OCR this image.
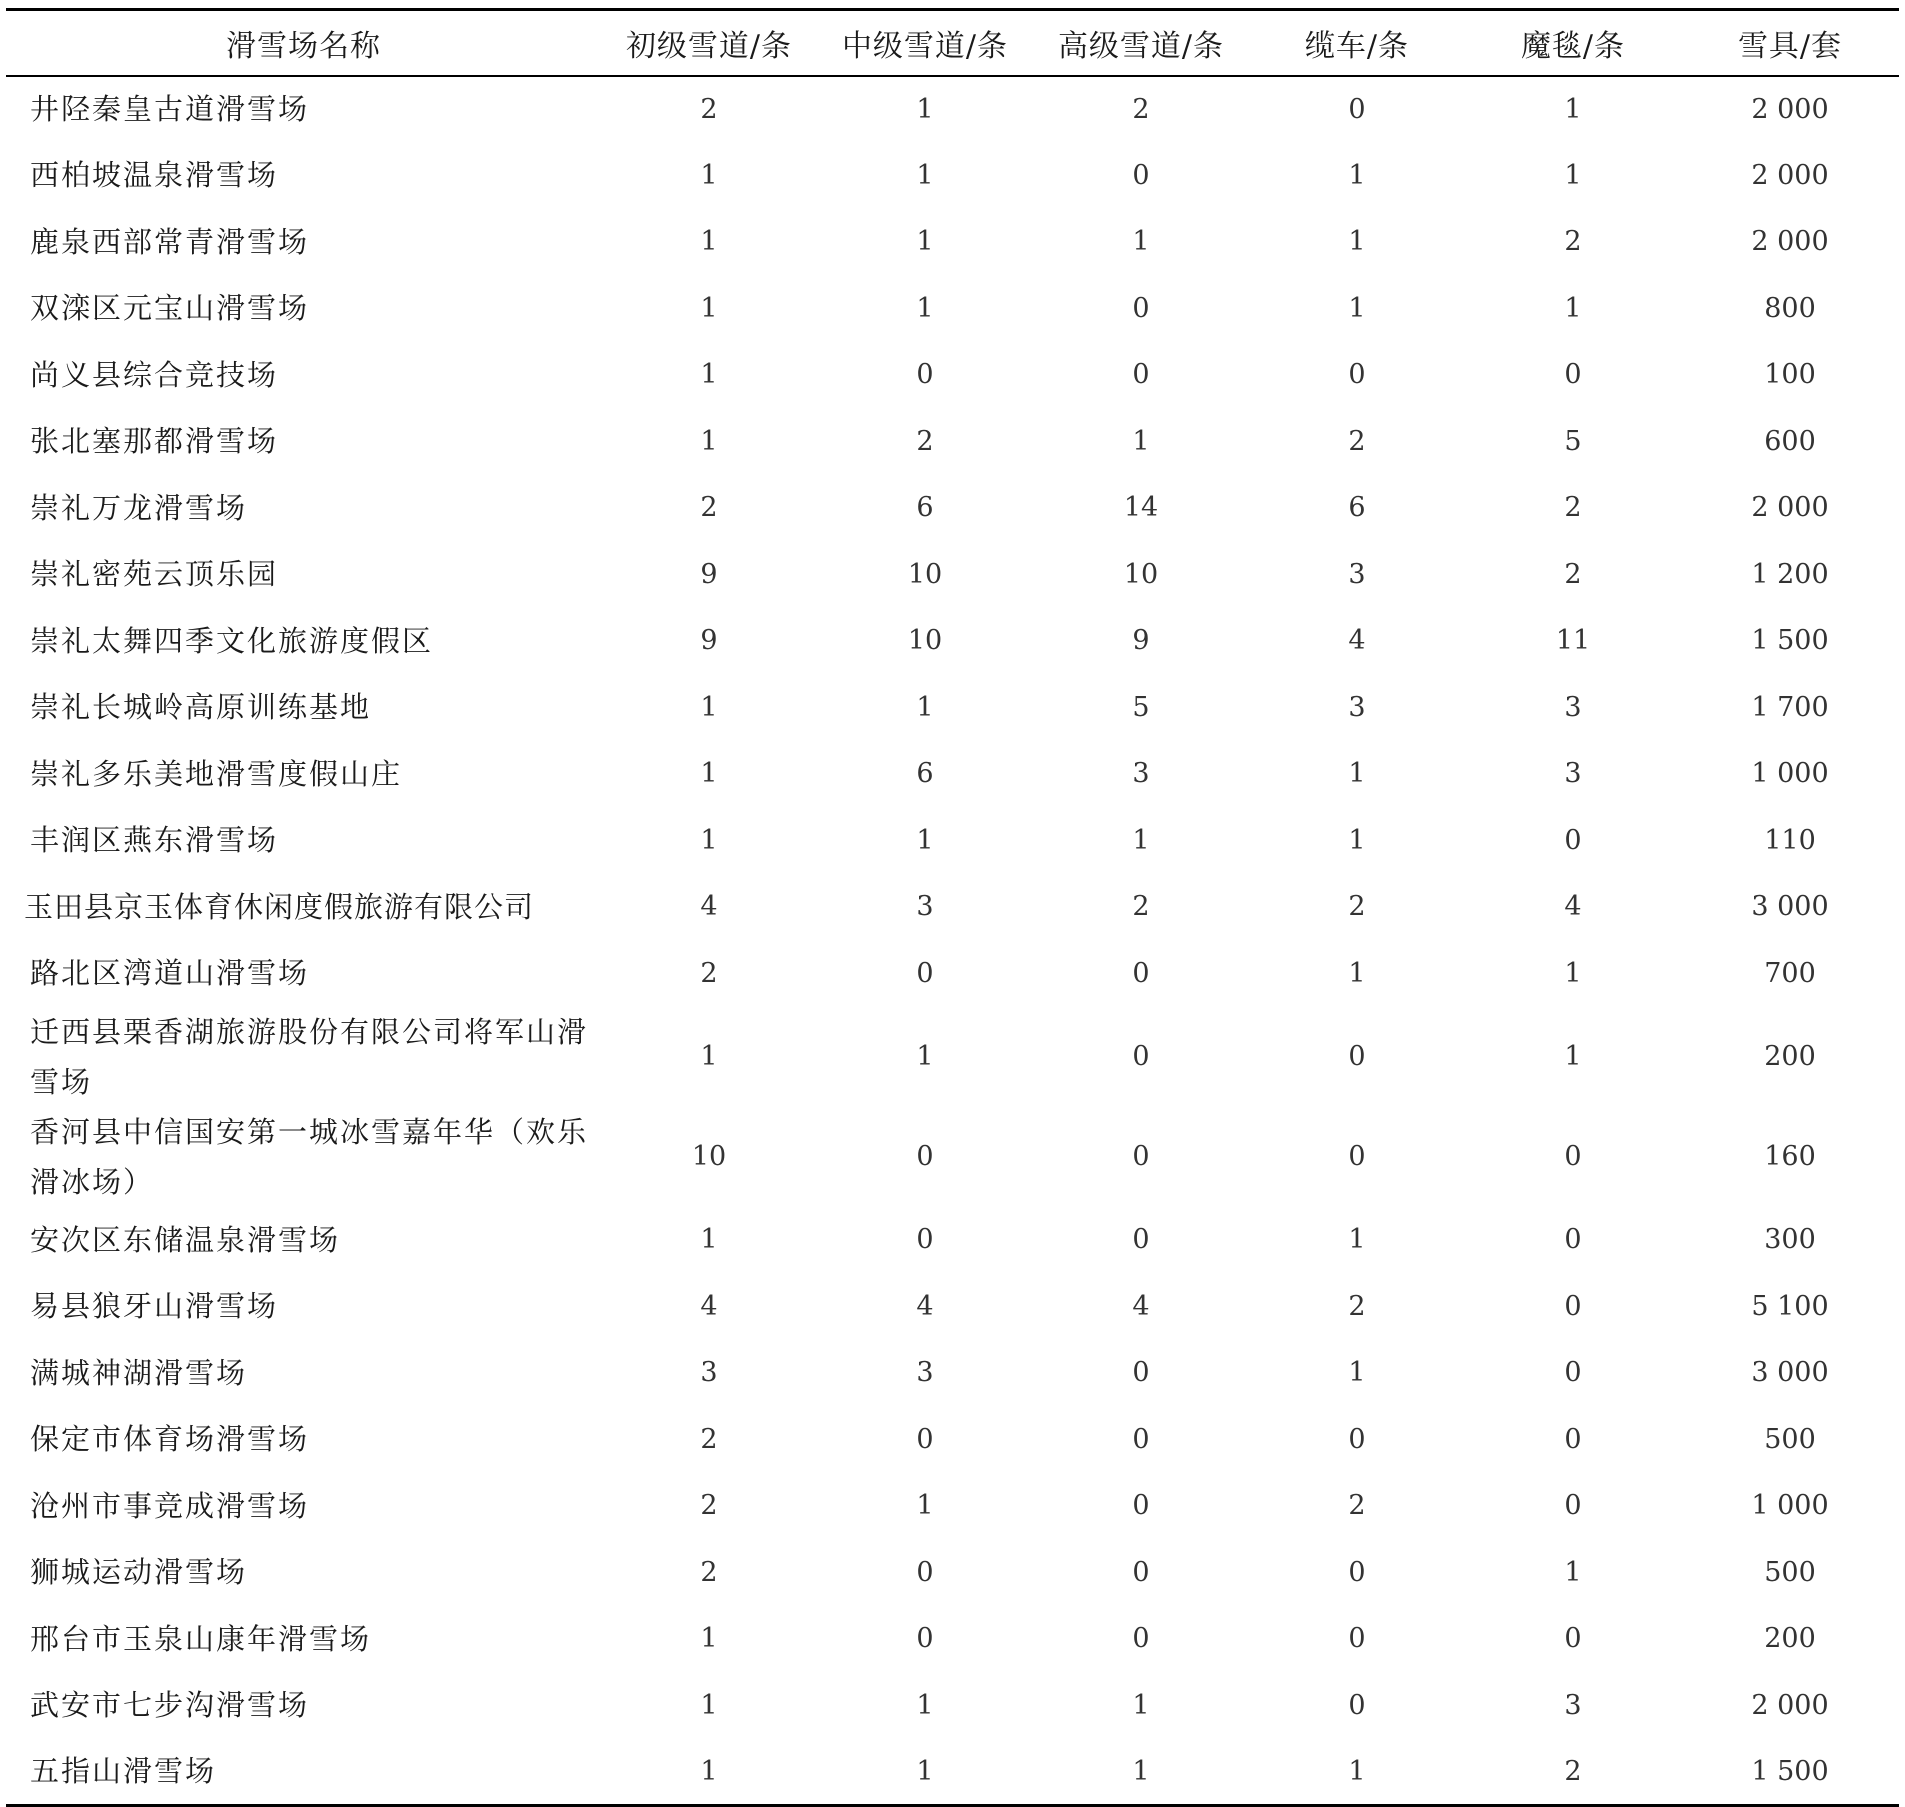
滑雪场名称	初级雪道/条	中级雪道/条	高级雪道/条	缆车/条	魔毯/条	雪具/套
井陉秦皇古道滑雪场	2	1	2	0	1	2 000
西柏坡温泉滑雪场	1	1	0	1	1	2 000
鹿泉西部常青滑雪场	1	1	1	1	2	2 000
双滦区元宝山滑雪场	1	1	0	1	1	800
尚义县综合竞技场	1	0	0	0	0	100
张北塞那都滑雪场	1	2	1	2	5	600
崇礼万龙滑雪场	2	6	14	6	2	2 000
崇礼密苑云顶乐园	9	10	10	3	2	1 200
崇礼太舞四季文化旅游度假区	9	10	9	4	11	1 500
崇礼长城岭高原训练基地	1	1	5	3	3	1 700
崇礼多乐美地滑雪度假山庄	1	6	3	1	3	1 000
丰润区燕东滑雪场	1	1	1	1	0	110
玉田县京玉体育休闲度假旅游有限公司	4	3	2	2	4	3 000
路北区湾道山滑雪场	2	0	0	1	1	700
迁西县栗香湖旅游股份有限公司将军山滑雪场	1	1	0	0	1	200
香河县中信国安第一城冰雪嘉年华（欢乐滑冰场）	10	0	0	0	0	160
安次区东储温泉滑雪场	1	0	0	1	0	300
易县狼牙山滑雪场	4	4	4	2	0	5 100
满城神湖滑雪场	3	3	0	1	0	3 000
保定市体育场滑雪场	2	0	0	0	0	500
沧州市事竞成滑雪场	2	1	0	2	0	1 000
狮城运动滑雪场	2	0	0	0	1	500
邢台市玉泉山康年滑雪场	1	0	0	0	0	200
武安市七步沟滑雪场	1	1	1	0	3	2 000
五指山滑雪场	1	1	1	1	2	1 500
